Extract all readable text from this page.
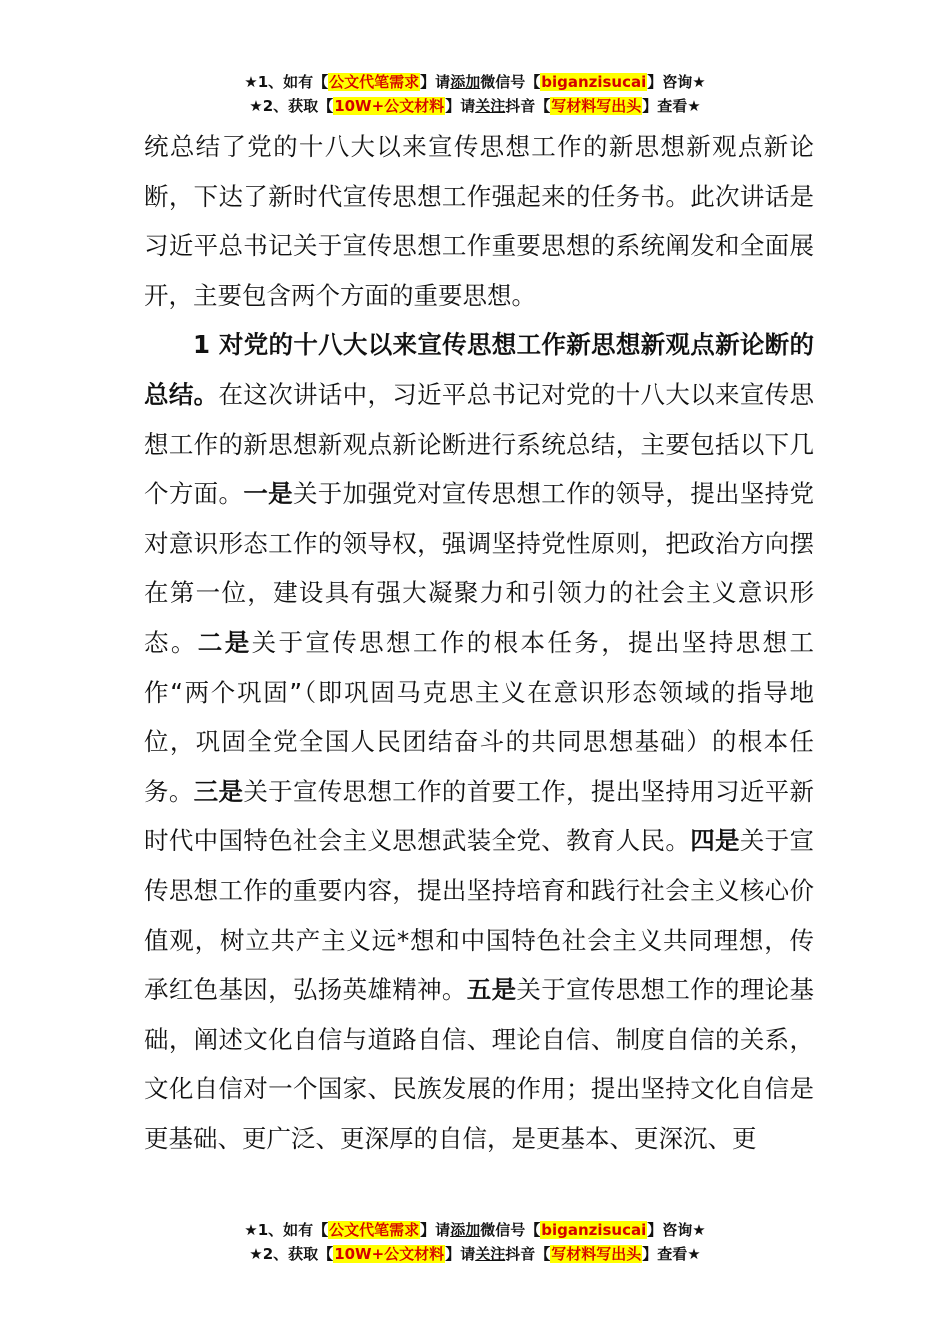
★1、如有【公文代笔需求】请添加微信号【biganzisucai】咨询★
★2、获取【10W+公文材料】请关注抖音【写材料写出头】查看★

统总结了党的十八大以来宣传思想工作的新思想新观点新论断，下达了新时代宣传思想工作强起来的任务书。此次讲话是习近平总书记关于宣传思想工作重要思想的系统阐发和全面展开，主要包含两个方面的重要思想。

1 对党的十八大以来宣传思想工作新思想新观点新论断的总结。在这次讲话中，习近平总书记对党的十八大以来宣传思想工作的新思想新观点新论断进行系统总结，主要包括以下几个方面。一是关于加强党对宣传思想工作的领导，提出坚持党对意识形态工作的领导权，强调坚持党性原则，把政治方向摆在第一位，建设具有强大凝聚力和引领力的社会主义意识形态。二是关于宣传思想工作的根本任务，提出坚持思想工作“两个巩固”（即巩固马克思主义在意识形态领域的指导地位，巩固全党全国人民团结奋斗的共同思想基础）的根本任务。三是关于宣传思想工作的首要工作，提出坚持用习近平新时代中国特色社会主义思想武装全党、教育人民。四是关于宣传思想工作的重要内容，提出坚持培育和践行社会主义核心价值观，树立共产主义远*想和中国特色社会主义共同理想，传承红色基因，弘扬英雄精神。五是关于宣传思想工作的理论基础，阐述文化自信与道路自信、理论自信、制度自信的关系，文化自信对一个国家、民族发展的作用；提出坚持文化自信是更基础、更广泛、更深厚的自信，是更基本、更深沉、更

★1、如有【公文代笔需求】请添加微信号【biganzisucai】咨询★
★2、获取【10W+公文材料】请关注抖音【写材料写出头】查看★
